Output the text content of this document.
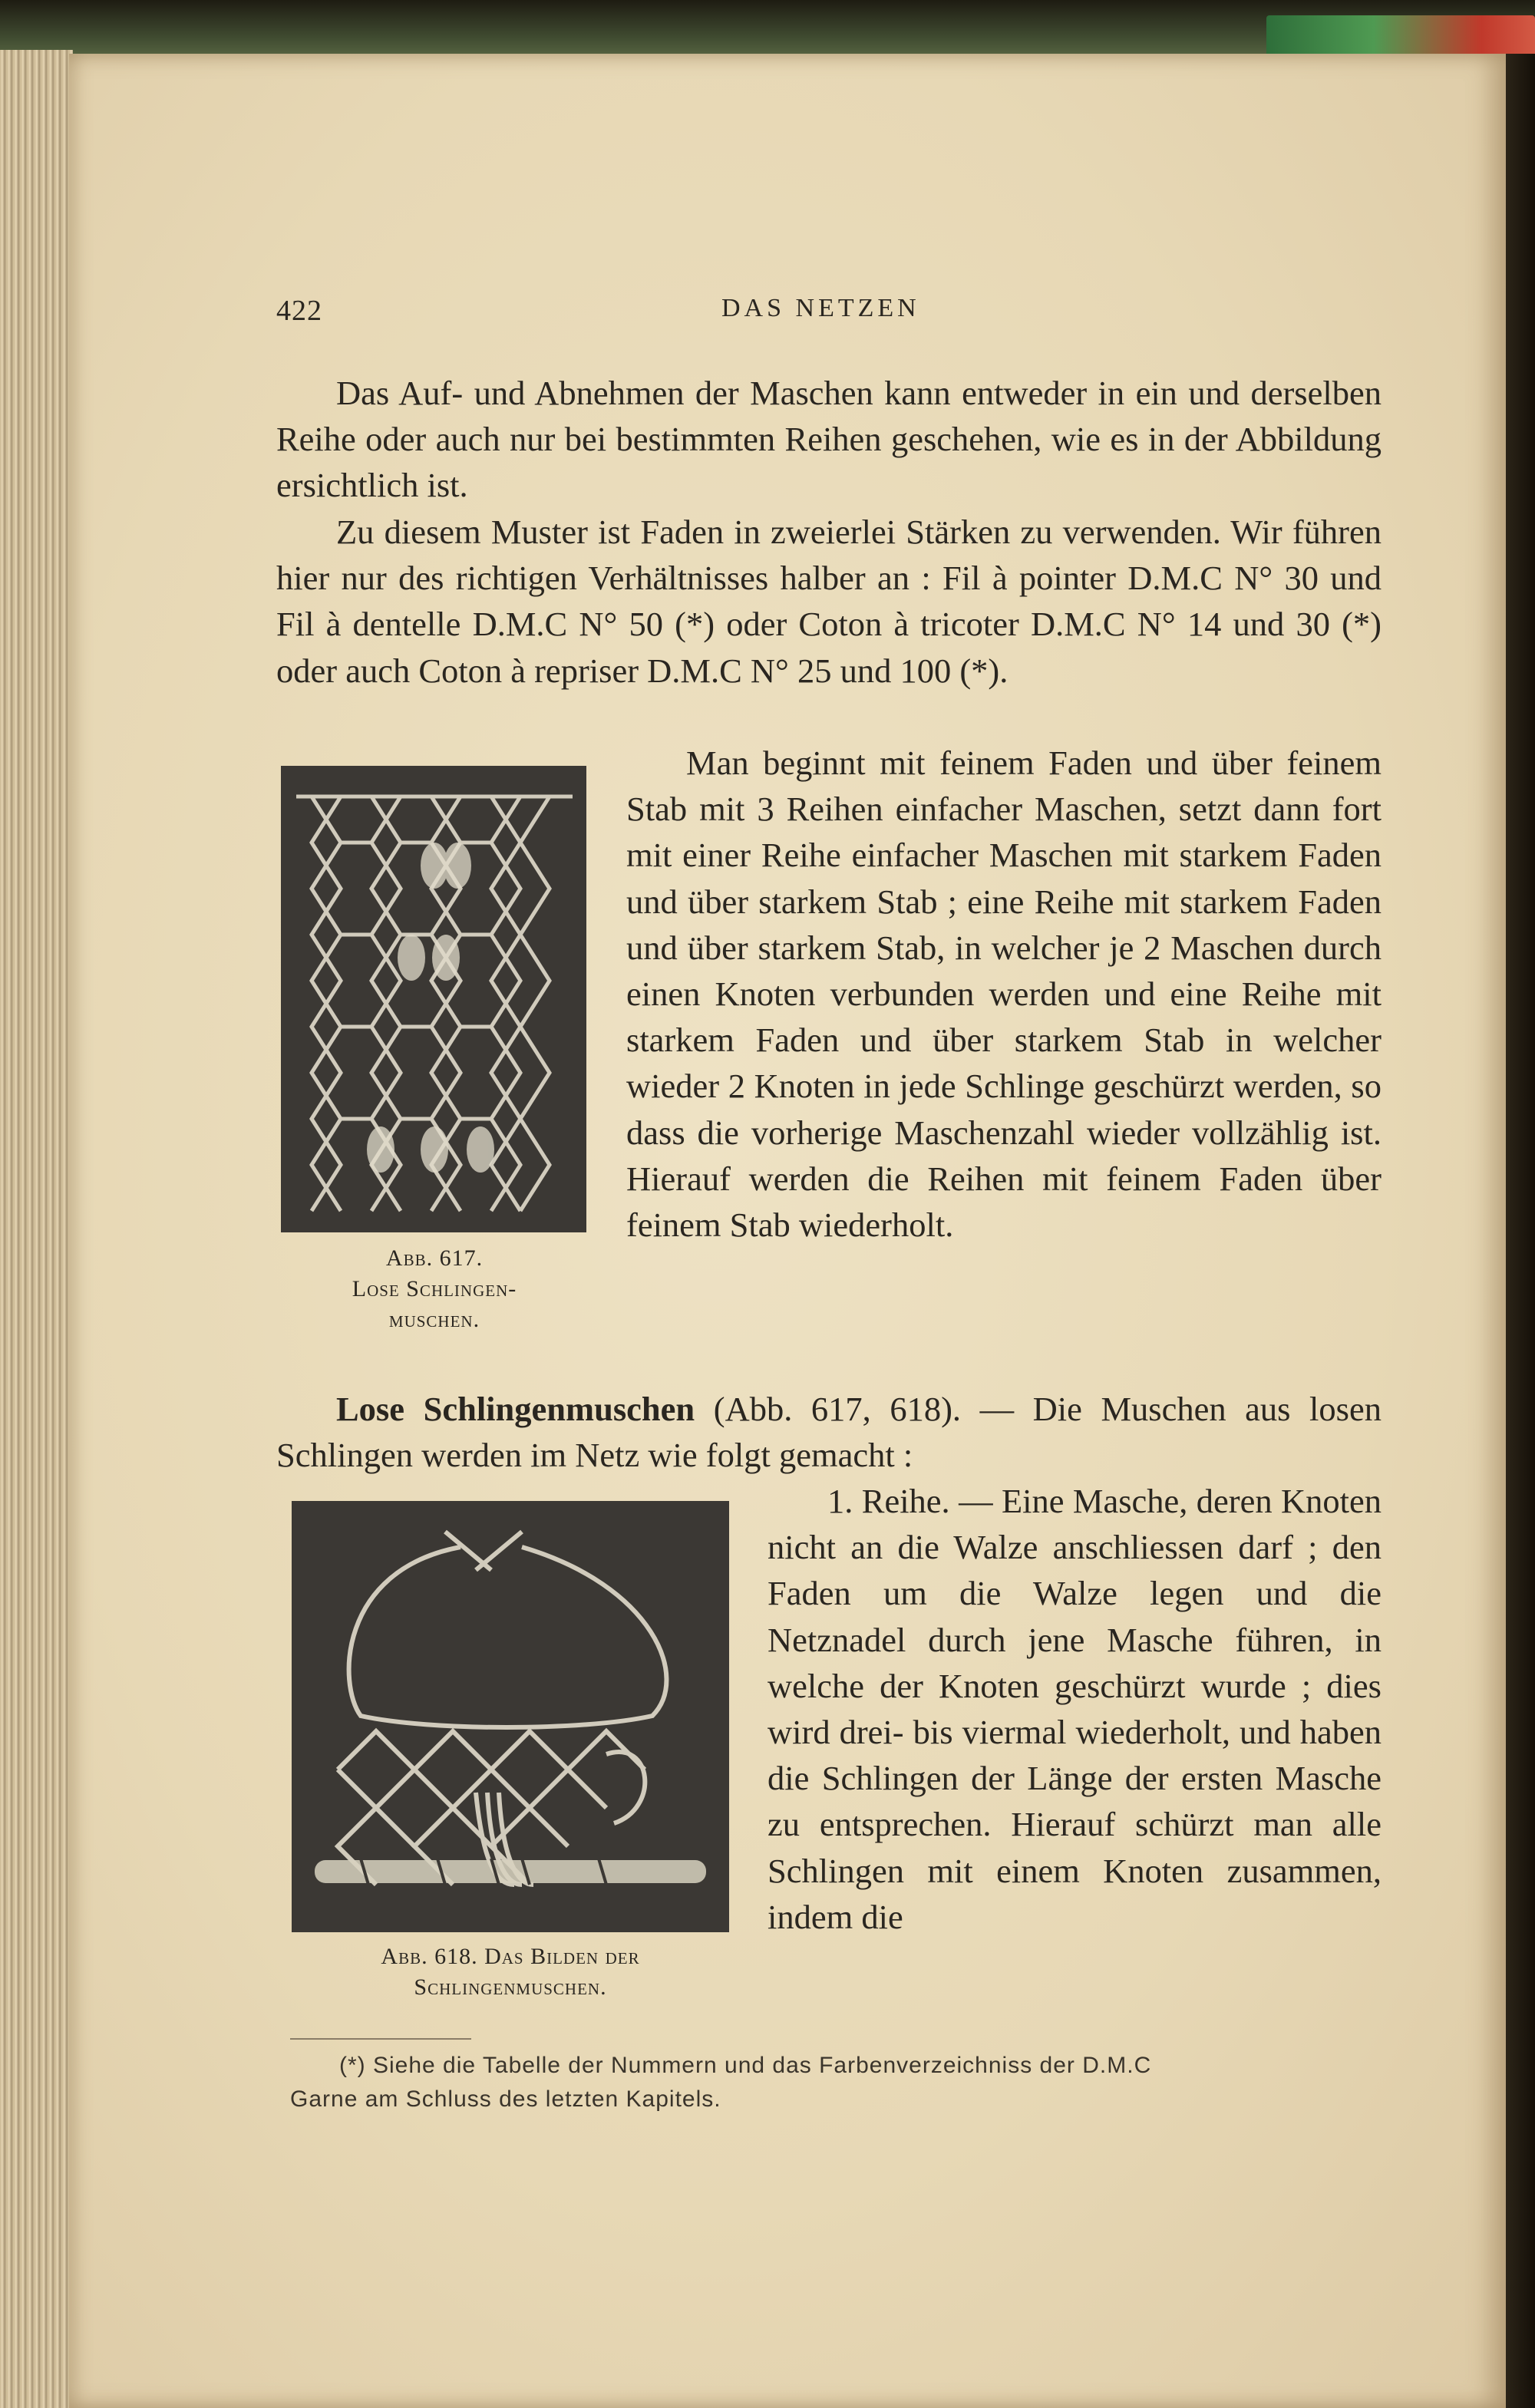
422	DAS NETZEN
Das Auf- und Abnehmen der Maschen kann entweder in ein und derselben Reihe oder auch nur bei bestimmten Reihen geschehen, wie es in der Abbildung ersichtlich ist.
Zu diesem Muster ist Faden in zweierlei Stärken zu verwenden. Wir führen hier nur des richtigen Verhältnisses halber an : Fil à pointer D.M.C N° 30 und Fil à dentelle D.M.C N° 50 (*) oder Coton à tricoter D.M.C N° 14 und 30 (*) oder auch Coton à repriser D.M.C N° 25 und 100 (*).
Man beginnt mit feinem Faden und über feinem Stab mit 3 Reihen einfacher Maschen, setzt dann fort mit einer Reihe einfacher Maschen mit starkem Faden und über starkem Stab ; eine Reihe mit starkem Faden und über starkem Stab, in welcher je 2 Maschen durch einen Knoten verbunden werden und eine Reihe mit starkem Faden und über starkem Stab in welcher wieder 2 Knoten in jede Schlinge geschürzt werden, so dass die vorherige Maschenzahl wieder vollzählig ist. Hierauf werden die Reihen mit feinem Faden über feinem Stab wiederholt.
Abb. 617.
Lose Schlingen-
muschen.
Lose Schlingenmuschen (Abb. 617, 618). — Die Muschen aus losen Schlingen werden im Netz wie folgt gemacht :
Abb. 618. Das Bilden der
Schlingenmuschen.
1. Reihe. — Eine Masche, deren Knoten nicht an die Walze anschliessen darf ; den Faden um die Walze legen und die Netznadel durch jene Masche führen, in welche der Knoten geschürzt wurde ; dies wird drei- bis viermal wiederholt, und haben die Schlingen der Länge der ersten Masche zu entsprechen. Hierauf schürzt man alle Schlingen mit einem Knoten zusammen, indem die
(*) Siehe die Tabelle der Nummern und das Farbenverzeichniss der D.M.C
Garne am Schluss des letzten Kapitels.
